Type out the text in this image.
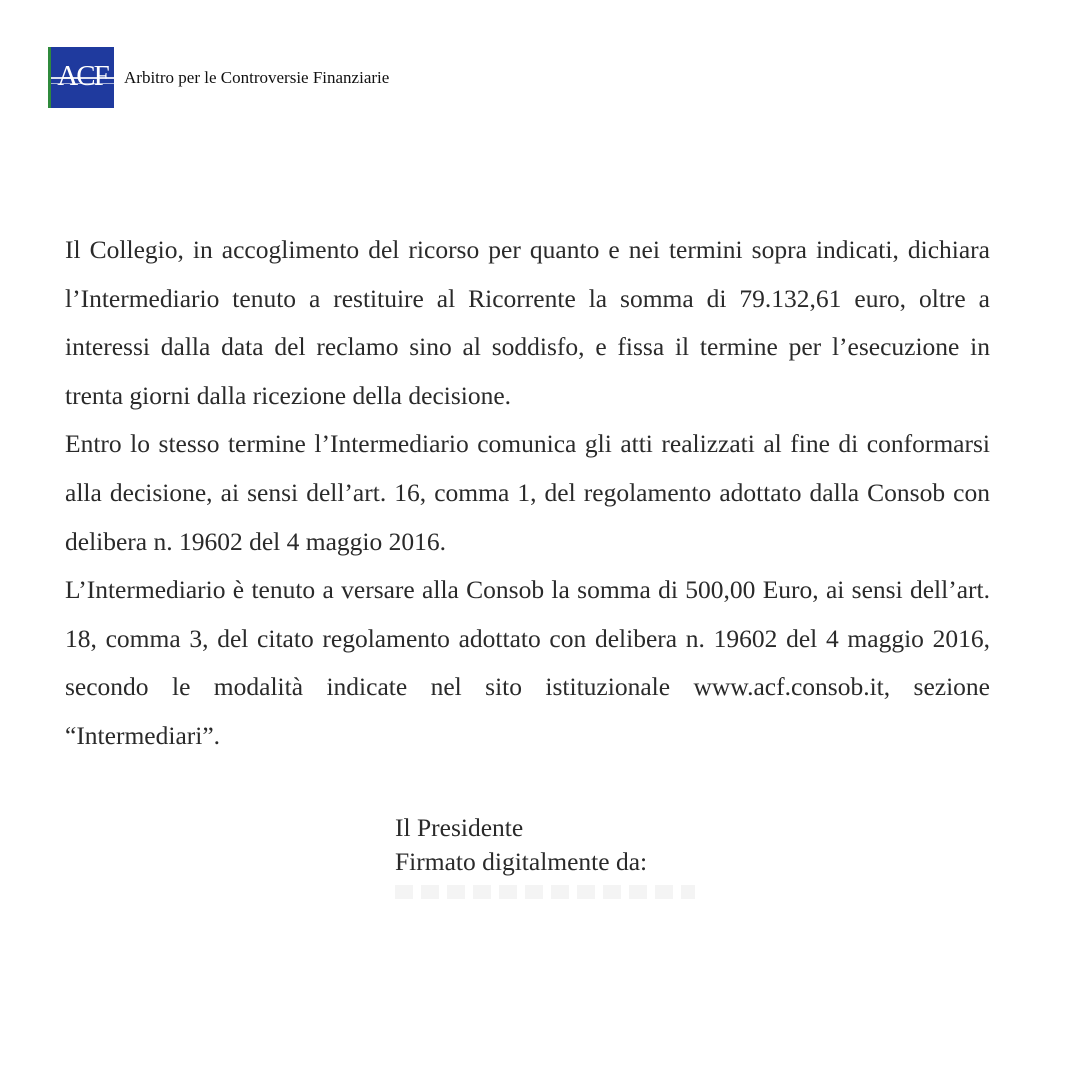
ACF Arbitro per le Controversie Finanziarie

Il Collegio, in accoglimento del ricorso per quanto e nei termini sopra indicati, dichiara l’Intermediario tenuto a restituire al Ricorrente la somma di 79.132,61 euro, oltre a interessi dalla data del reclamo sino al soddisfo, e fissa il termine per l’esecuzione in trenta giorni dalla ricezione della decisione.

Entro lo stesso termine l’Intermediario comunica gli atti realizzati al fine di conformarsi alla decisione, ai sensi dell’art. 16, comma 1, del regolamento adottato dalla Consob con delibera n. 19602 del 4 maggio 2016.

L’Intermediario è tenuto a versare alla Consob la somma di 500,00 Euro, ai sensi dell’art. 18, comma 3, del citato regolamento adottato con delibera n. 19602 del 4 maggio 2016, secondo le modalità indicate nel sito istituzionale www.acf.consob.it, sezione “Intermediari”.

Il Presidente
Firmato digitalmente da:
